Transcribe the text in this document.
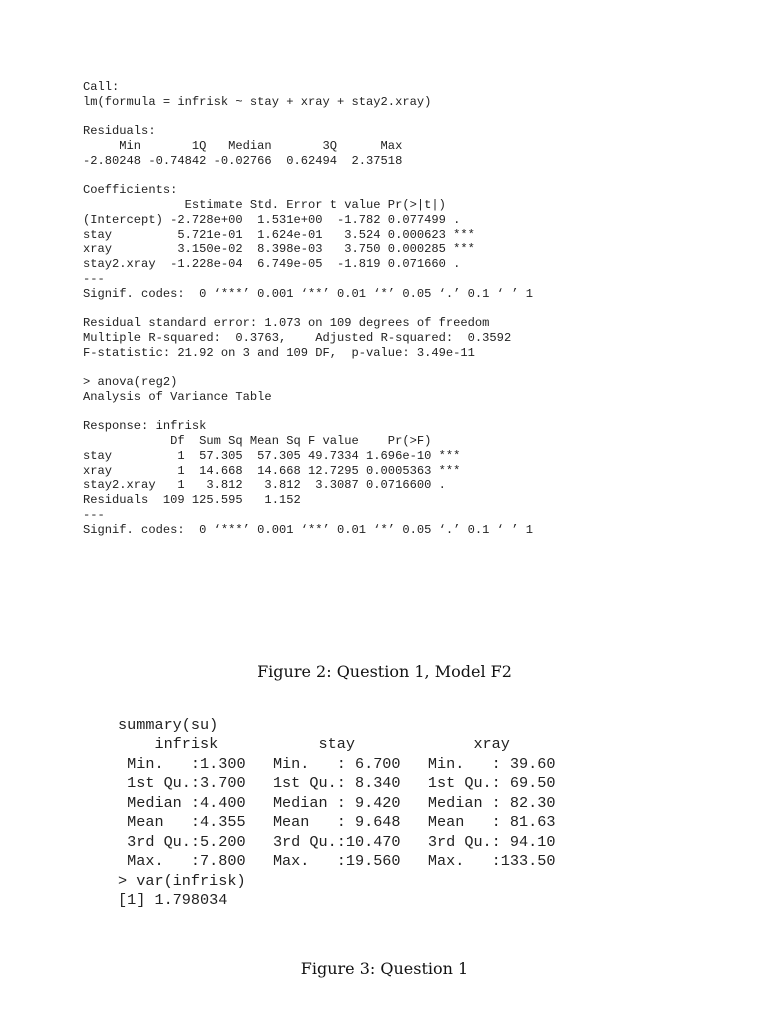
Call:
lm(formula = infrisk ~ stay + xray + stay2.xray)

Residuals:
Min       1Q   Median       3Q      Max
-2.80248 -0.74842 -0.02766  0.62494  2.37518

Coefficients:
Estimate Std. Error t value Pr(>|t|)
(Intercept) -2.728e+00  1.531e+00  -1.782 0.077499 .
stay         5.721e-01  1.624e-01   3.524 0.000623 ***
xray         3.150e-02  8.398e-03   3.750 0.000285 ***
stay2.xray  -1.228e-04  6.749e-05  -1.819 0.071660 .
---
Signif. codes:  0 ‘***’ 0.001 ‘**’ 0.01 ‘*’ 0.05 ‘.’ 0.1 ‘ ’ 1

Residual standard error: 1.073 on 109 degrees of freedom
Multiple R-squared:  0.3763,	Adjusted R-squared:  0.3592
F-statistic: 21.92 on 3 and 109 DF,  p-value: 3.49e-11

> anova(reg2)
Analysis of Variance Table

Response: infrisk
Df  Sum Sq Mean Sq F value    Pr(>F)
stay         1  57.305  57.305 49.7334 1.696e-10 ***
xray         1  14.668  14.668 12.7295 0.0005363 ***
stay2.xray   1   3.812   3.812  3.3087 0.0716600 .
Residuals  109 125.595   1.152
---
Signif. codes:  0 ‘***’ 0.001 ‘**’ 0.01 ‘*’ 0.05 ‘.’ 0.1 ‘ ’ 1
Figure 2: Question 1, Model F2
summary(su)
infrisk           stay             xray
Min.   :1.300   Min.   : 6.700   Min.   : 39.60
1st Qu.:3.700   1st Qu.: 8.340   1st Qu.: 69.50
Median :4.400   Median : 9.420   Median : 82.30
Mean   :4.355   Mean   : 9.648   Mean   : 81.63
3rd Qu.:5.200   3rd Qu.:10.470   3rd Qu.: 94.10
Max.   :7.800   Max.   :19.560   Max.   :133.50
> var(infrisk)
[1] 1.798034
Figure 3: Question 1
